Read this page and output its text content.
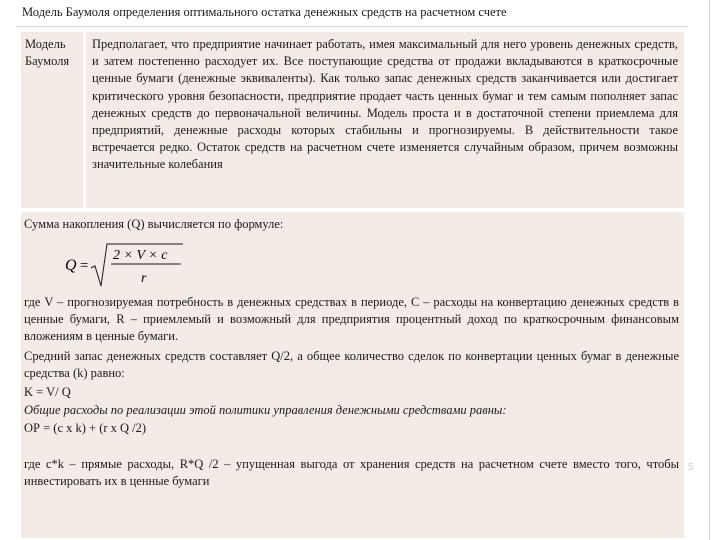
Модель Баумоля определения оптимального остатка денежных средств на расчетном счете
Модель Баумоля
Предполагает, что предприятие начинает работать, имея максимальный для него уровень денежных средств, и затем постепенно расходует их. Все поступающие средства от продажи вкладываются в краткосрочные ценные бумаги (денежные эквиваленты). Как только запас денежных средств заканчивается или достигает критического уровня безопасности, предприятие продает часть ценных бумаг и тем самым пополняет запас денежных средств до первоначальной величины. Модель проста и в достаточной степени приемлема для предприятий, денежные расходы которых стабильны и прогнозируемы. В действительности такое встречается редко. Остаток средств на расчетном счете изменяется случайным образом, причем возможны значительные колебания

Сумма накопления (Q) вычисляется по формуле:

Q =
2 × V × c
r

где V – прогнозируемая потребность в денежных средствах в периоде, C – расходы на конвертацию денежных средств в ценные бумаги, R – приемлемый и возможный для предприятия процентный доход по краткосрочным финансовым вложениям в ценные бумаги.

Средний запас денежных средств составляет Q/2, а общее количество сделок по конвертации ценных бумаг в денежные средства (k) равно:

K = V/ Q

Общие расходы по реализации этой политики управления денежными средствами равны:

ОР = (c x k) + (r x Q /2)

где c*k – прямые расходы, R*Q /2 – упущенная выгода от хранения средств на расчетном счете вместо того, чтобы инвестировать их в ценные бумаги

5
